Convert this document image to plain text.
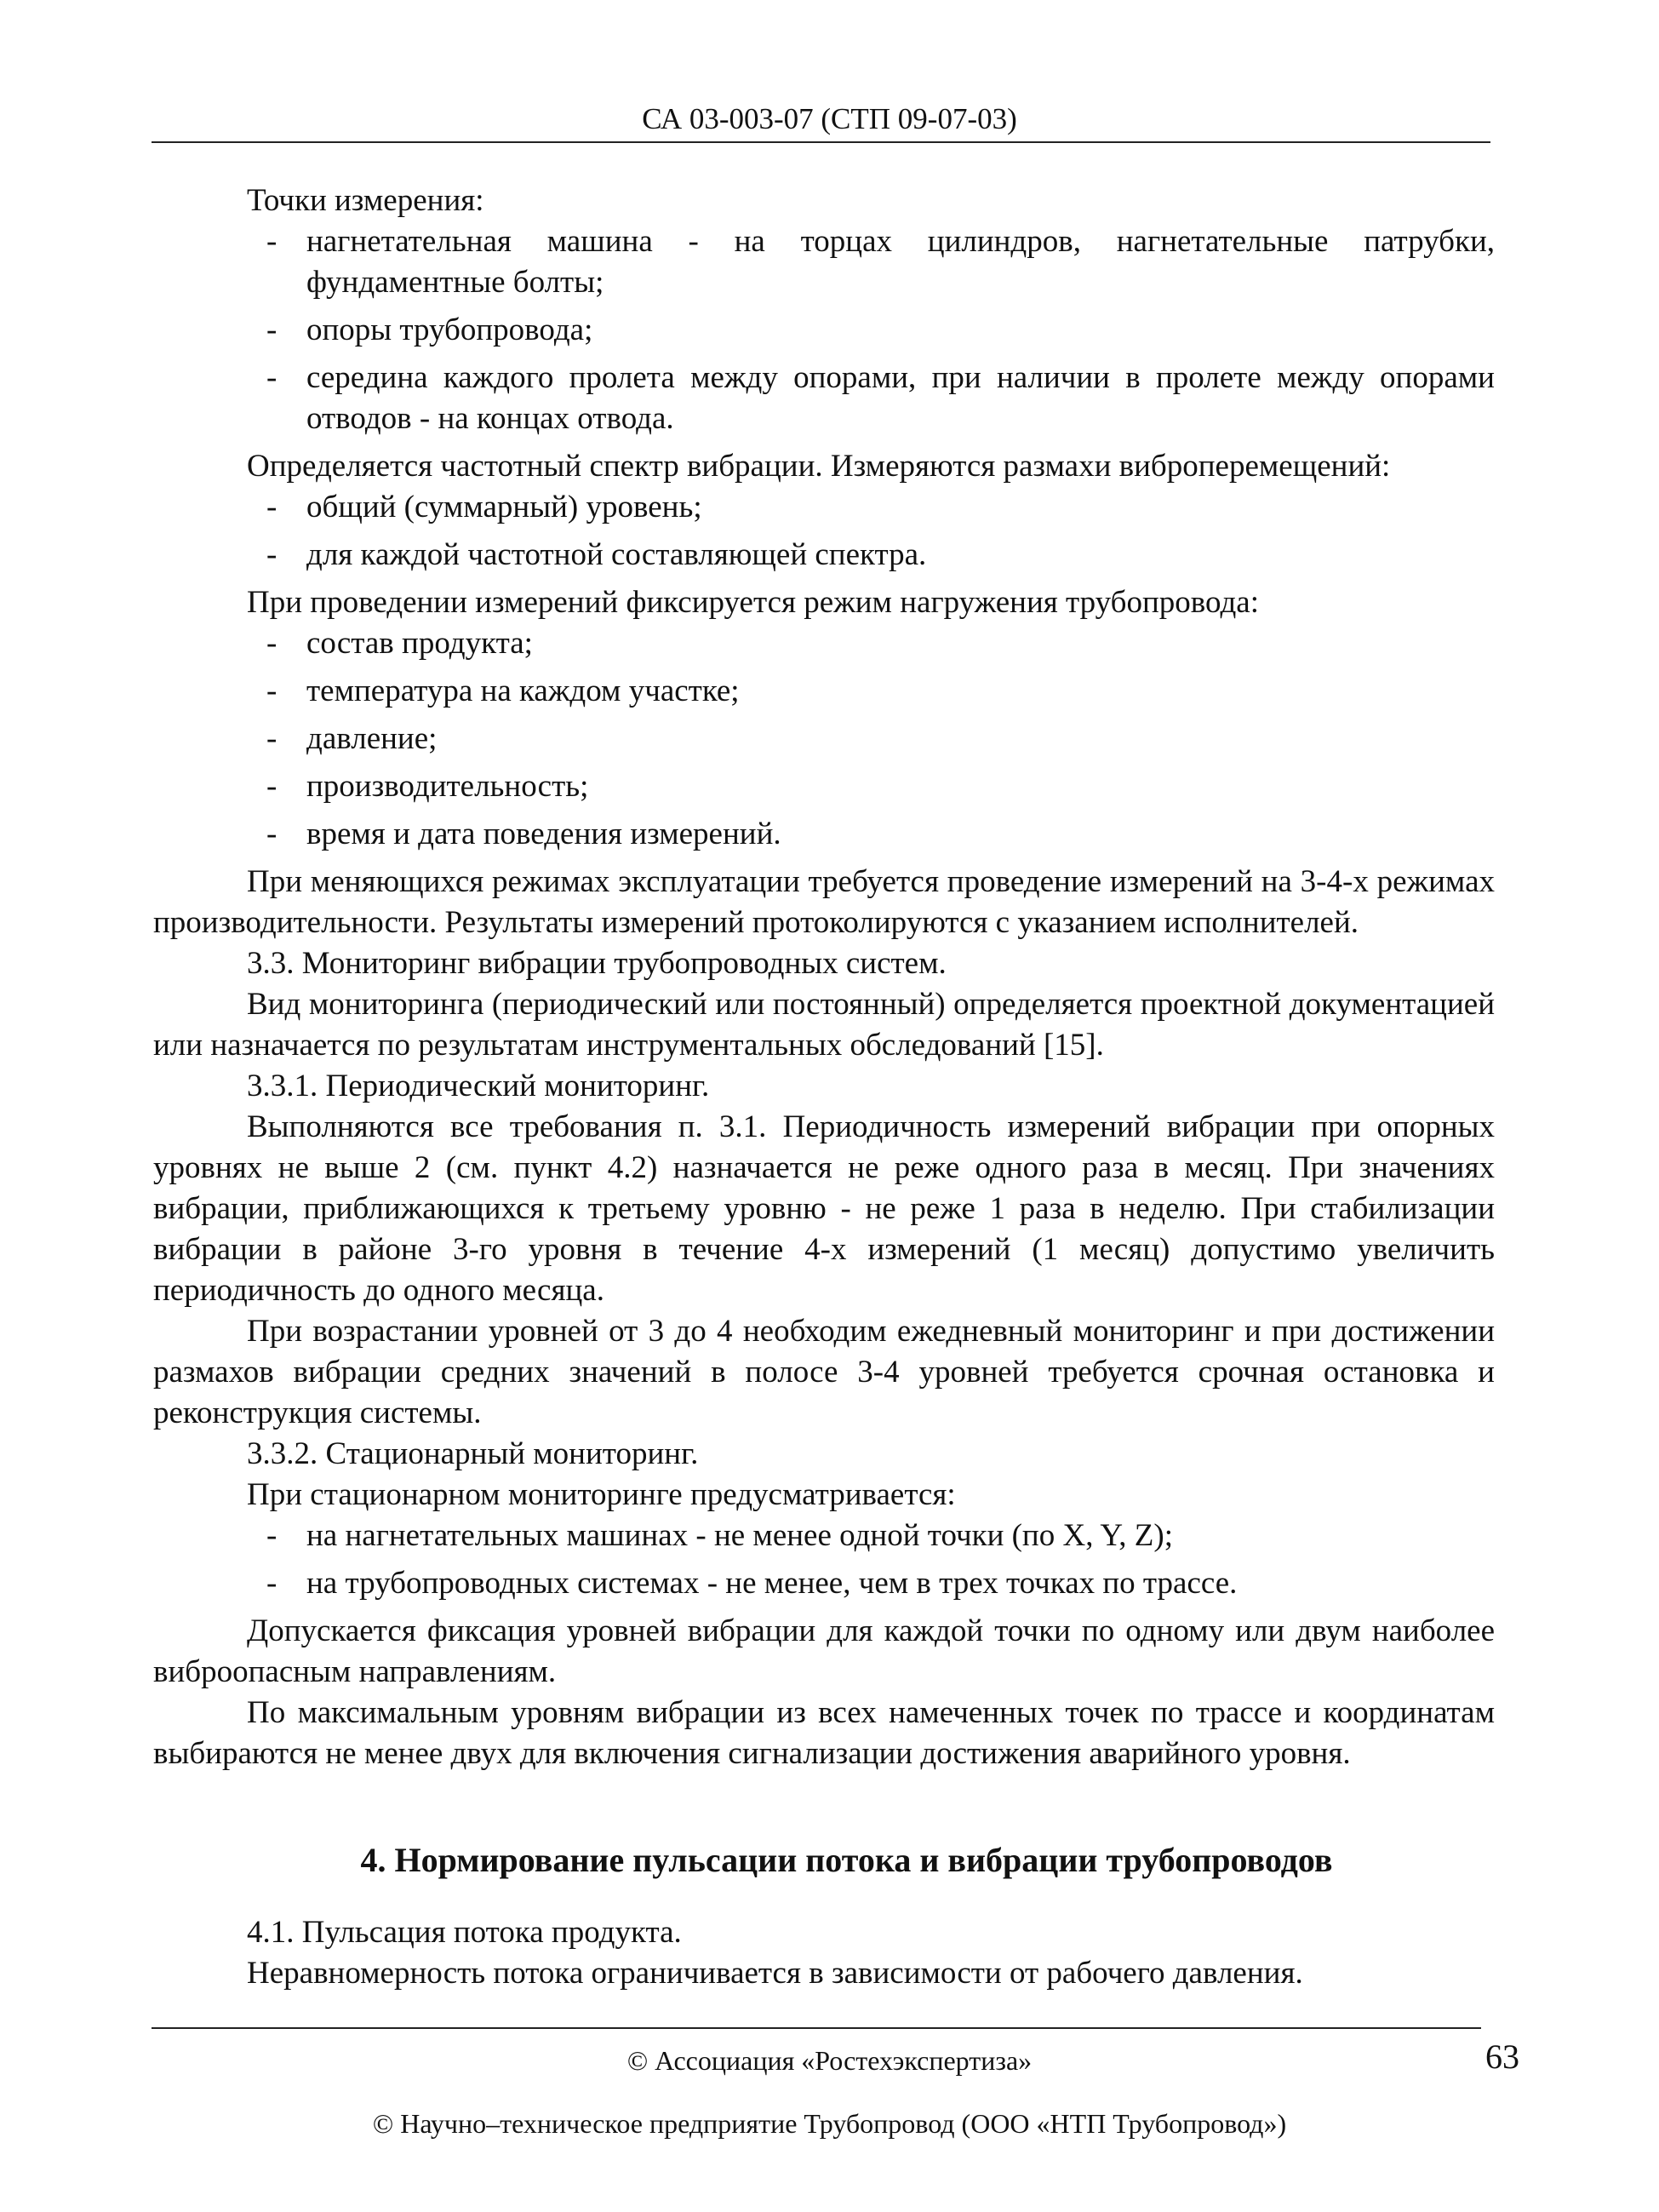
СА 03-003-07 (СТП 09-07-03)

Точки измерения:

- нагнетательная машина - на торцах цилиндров, нагнетательные патрубки, фундаментные болты;
- опоры трубопровода;
- середина каждого пролета между опорами, при наличии в пролете между опорами отводов - на концах отвода.

Определяется частотный спектр вибрации. Измеряются размахи виброперемещений:

- общий (суммарный) уровень;
- для каждой частотной составляющей спектра.

При проведении измерений фиксируется режим нагружения трубопровода:

- состав продукта;
- температура на каждом участке;
- давление;
- производительность;
- время и дата поведения измерений.

При меняющихся режимах эксплуатации требуется проведение измерений на 3-4-х режимах производительности. Результаты измерений протоколируются с указанием исполнителей.

3.3. Мониторинг вибрации трубопроводных систем.

Вид мониторинга (периодический или постоянный) определяется проектной документацией или назначается по результатам инструментальных обследований [15].

3.3.1. Периодический мониторинг.

Выполняются все требования п. 3.1. Периодичность измерений вибрации при опорных уровнях не выше 2 (см. пункт 4.2) назначается не реже одного раза в месяц. При значениях вибрации, приближающихся к третьему уровню - не реже 1 раза в неделю. При стабилизации вибрации в районе 3-го уровня в течение 4-х измерений (1 месяц) допустимо увеличить периодичность до одного месяца.

При возрастании уровней от 3 до 4 необходим ежедневный мониторинг и при достижении размахов вибрации средних значений в полосе 3-4 уровней требуется срочная остановка и реконструкция системы.

3.3.2. Стационарный мониторинг.

При стационарном мониторинге предусматривается:

- на нагнетательных машинах - не менее одной точки (по X, Y, Z);
- на трубопроводных системах - не менее, чем в трех точках по трассе.

Допускается фиксация уровней вибрации для каждой точки по одному или двум наиболее виброопасным направлениям.

По максимальным уровням вибрации из всех намеченных точек по трассе и координатам выбираются не менее двух для включения сигнализации достижения аварийного уровня.

4. Нормирование пульсации потока и вибрации трубопроводов

4.1. Пульсация потока продукта.

Неравномерность потока ограничивается в зависимости от рабочего давления.

© Ассоциация «Ростехэкспертиза»	63
© Научно–техническое предприятие Трубопровод (ООО «НТП Трубопровод»)
